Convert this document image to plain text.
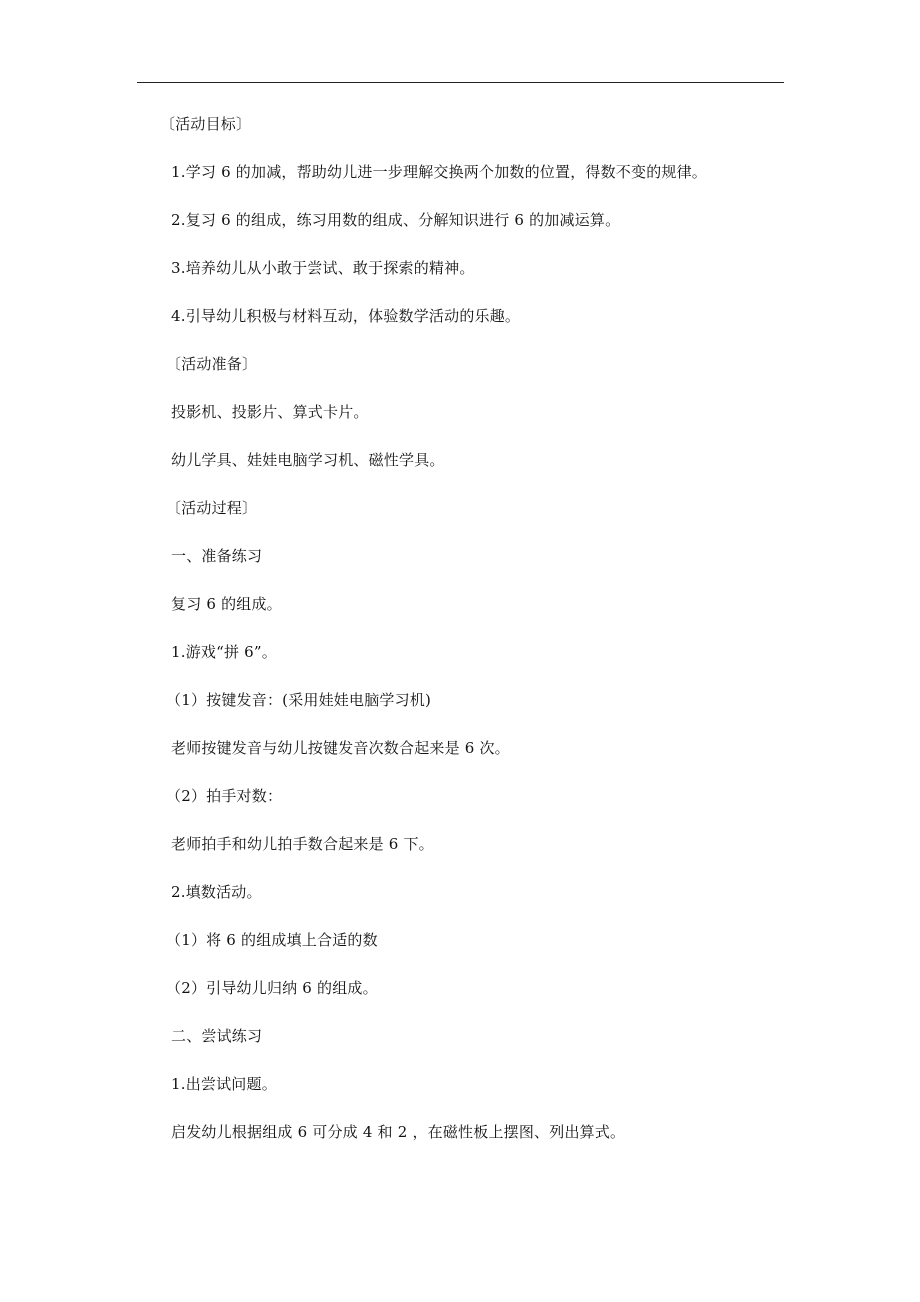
〔活动目标〕
1.学习 6 的加减，帮助幼儿进一步理解交换两个加数的位置，得数不变的规律。
2.复习 6 的组成，练习用数的组成、分解知识进行 6 的加减运算。
3.培养幼儿从小敢于尝试、敢于探索的精神。
4.引导幼儿积极与材料互动，体验数学活动的乐趣。
〔活动准备〕
投影机、投影片、算式卡片。
幼儿学具、娃娃电脑学习机、磁性学具。
〔活动过程〕
一、准备练习
复习 6 的组成。
1.游戏“拼 6”。
（1）按键发音：(采用娃娃电脑学习机)
老师按键发音与幼儿按键发音次数合起来是 6 次。
（2）拍手对数：
老师拍手和幼儿拍手数合起来是 6 下。
2.填数活动。
（1）将 6 的组成填上合适的数
（2）引导幼儿归纳 6 的组成。
二、尝试练习
1.出尝试问题。
启发幼儿根据组成 6 可分成 4 和 2 ，在磁性板上摆图、列出算式。
